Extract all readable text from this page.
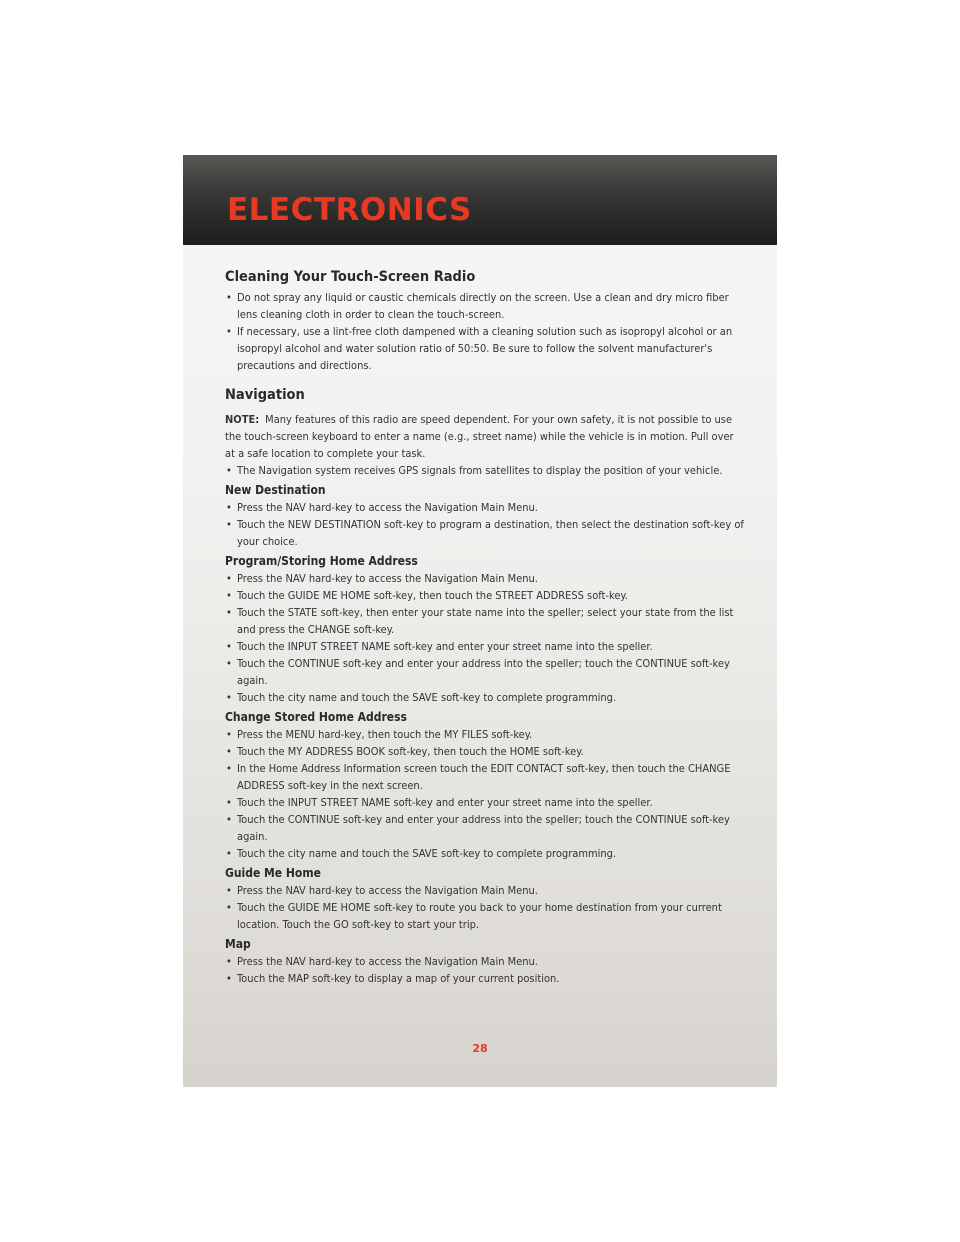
ELECTRONICS
Cleaning Your Touch-Screen Radio
• Do not spray any liquid or caustic chemicals directly on the screen. Use a clean and dry micro fiber lens cleaning cloth in order to clean the touch-screen.
• If necessary, use a lint-free cloth dampened with a cleaning solution such as isopropyl alcohol or an isopropyl alcohol and water solution ratio of 50:50. Be sure to follow the solvent manufacturer's precautions and directions.
Navigation

NOTE: Many features of this radio are speed dependent. For your own safety, it is not possible to use the touch-screen keyboard to enter a name (e.g., street name) while the vehicle is in motion. Pull over at a safe location to complete your task.

• The Navigation system receives GPS signals from satellites to display the position of your vehicle.
New Destination
• Press the NAV hard-key to access the Navigation Main Menu.
• Touch the NEW DESTINATION soft-key to program a destination, then select the destination soft-key of your choice.
Program/Storing Home Address
• Press the NAV hard-key to access the Navigation Main Menu.
• Touch the GUIDE ME HOME soft-key, then touch the STREET ADDRESS soft-key.
• Touch the STATE soft-key, then enter your state name into the speller; select your state from the list and press the CHANGE soft-key.
• Touch the INPUT STREET NAME soft-key and enter your street name into the speller.
• Touch the CONTINUE soft-key and enter your address into the speller; touch the CONTINUE soft-key again.
• Touch the city name and touch the SAVE soft-key to complete programming.
Change Stored Home Address
• Press the MENU hard-key, then touch the MY FILES soft-key.
• Touch the MY ADDRESS BOOK soft-key, then touch the HOME soft-key.
• In the Home Address Information screen touch the EDIT CONTACT soft-key, then touch the CHANGE ADDRESS soft-key in the next screen.
• Touch the INPUT STREET NAME soft-key and enter your street name into the speller.
• Touch the CONTINUE soft-key and enter your address into the speller; touch the CONTINUE soft-key again.
• Touch the city name and touch the SAVE soft-key to complete programming.
Guide Me Home
• Press the NAV hard-key to access the Navigation Main Menu.
• Touch the GUIDE ME HOME soft-key to route you back to your home destination from your current location. Touch the GO soft-key to start your trip.
Map
• Press the NAV hard-key to access the Navigation Main Menu.
• Touch the MAP soft-key to display a map of your current position.
28
